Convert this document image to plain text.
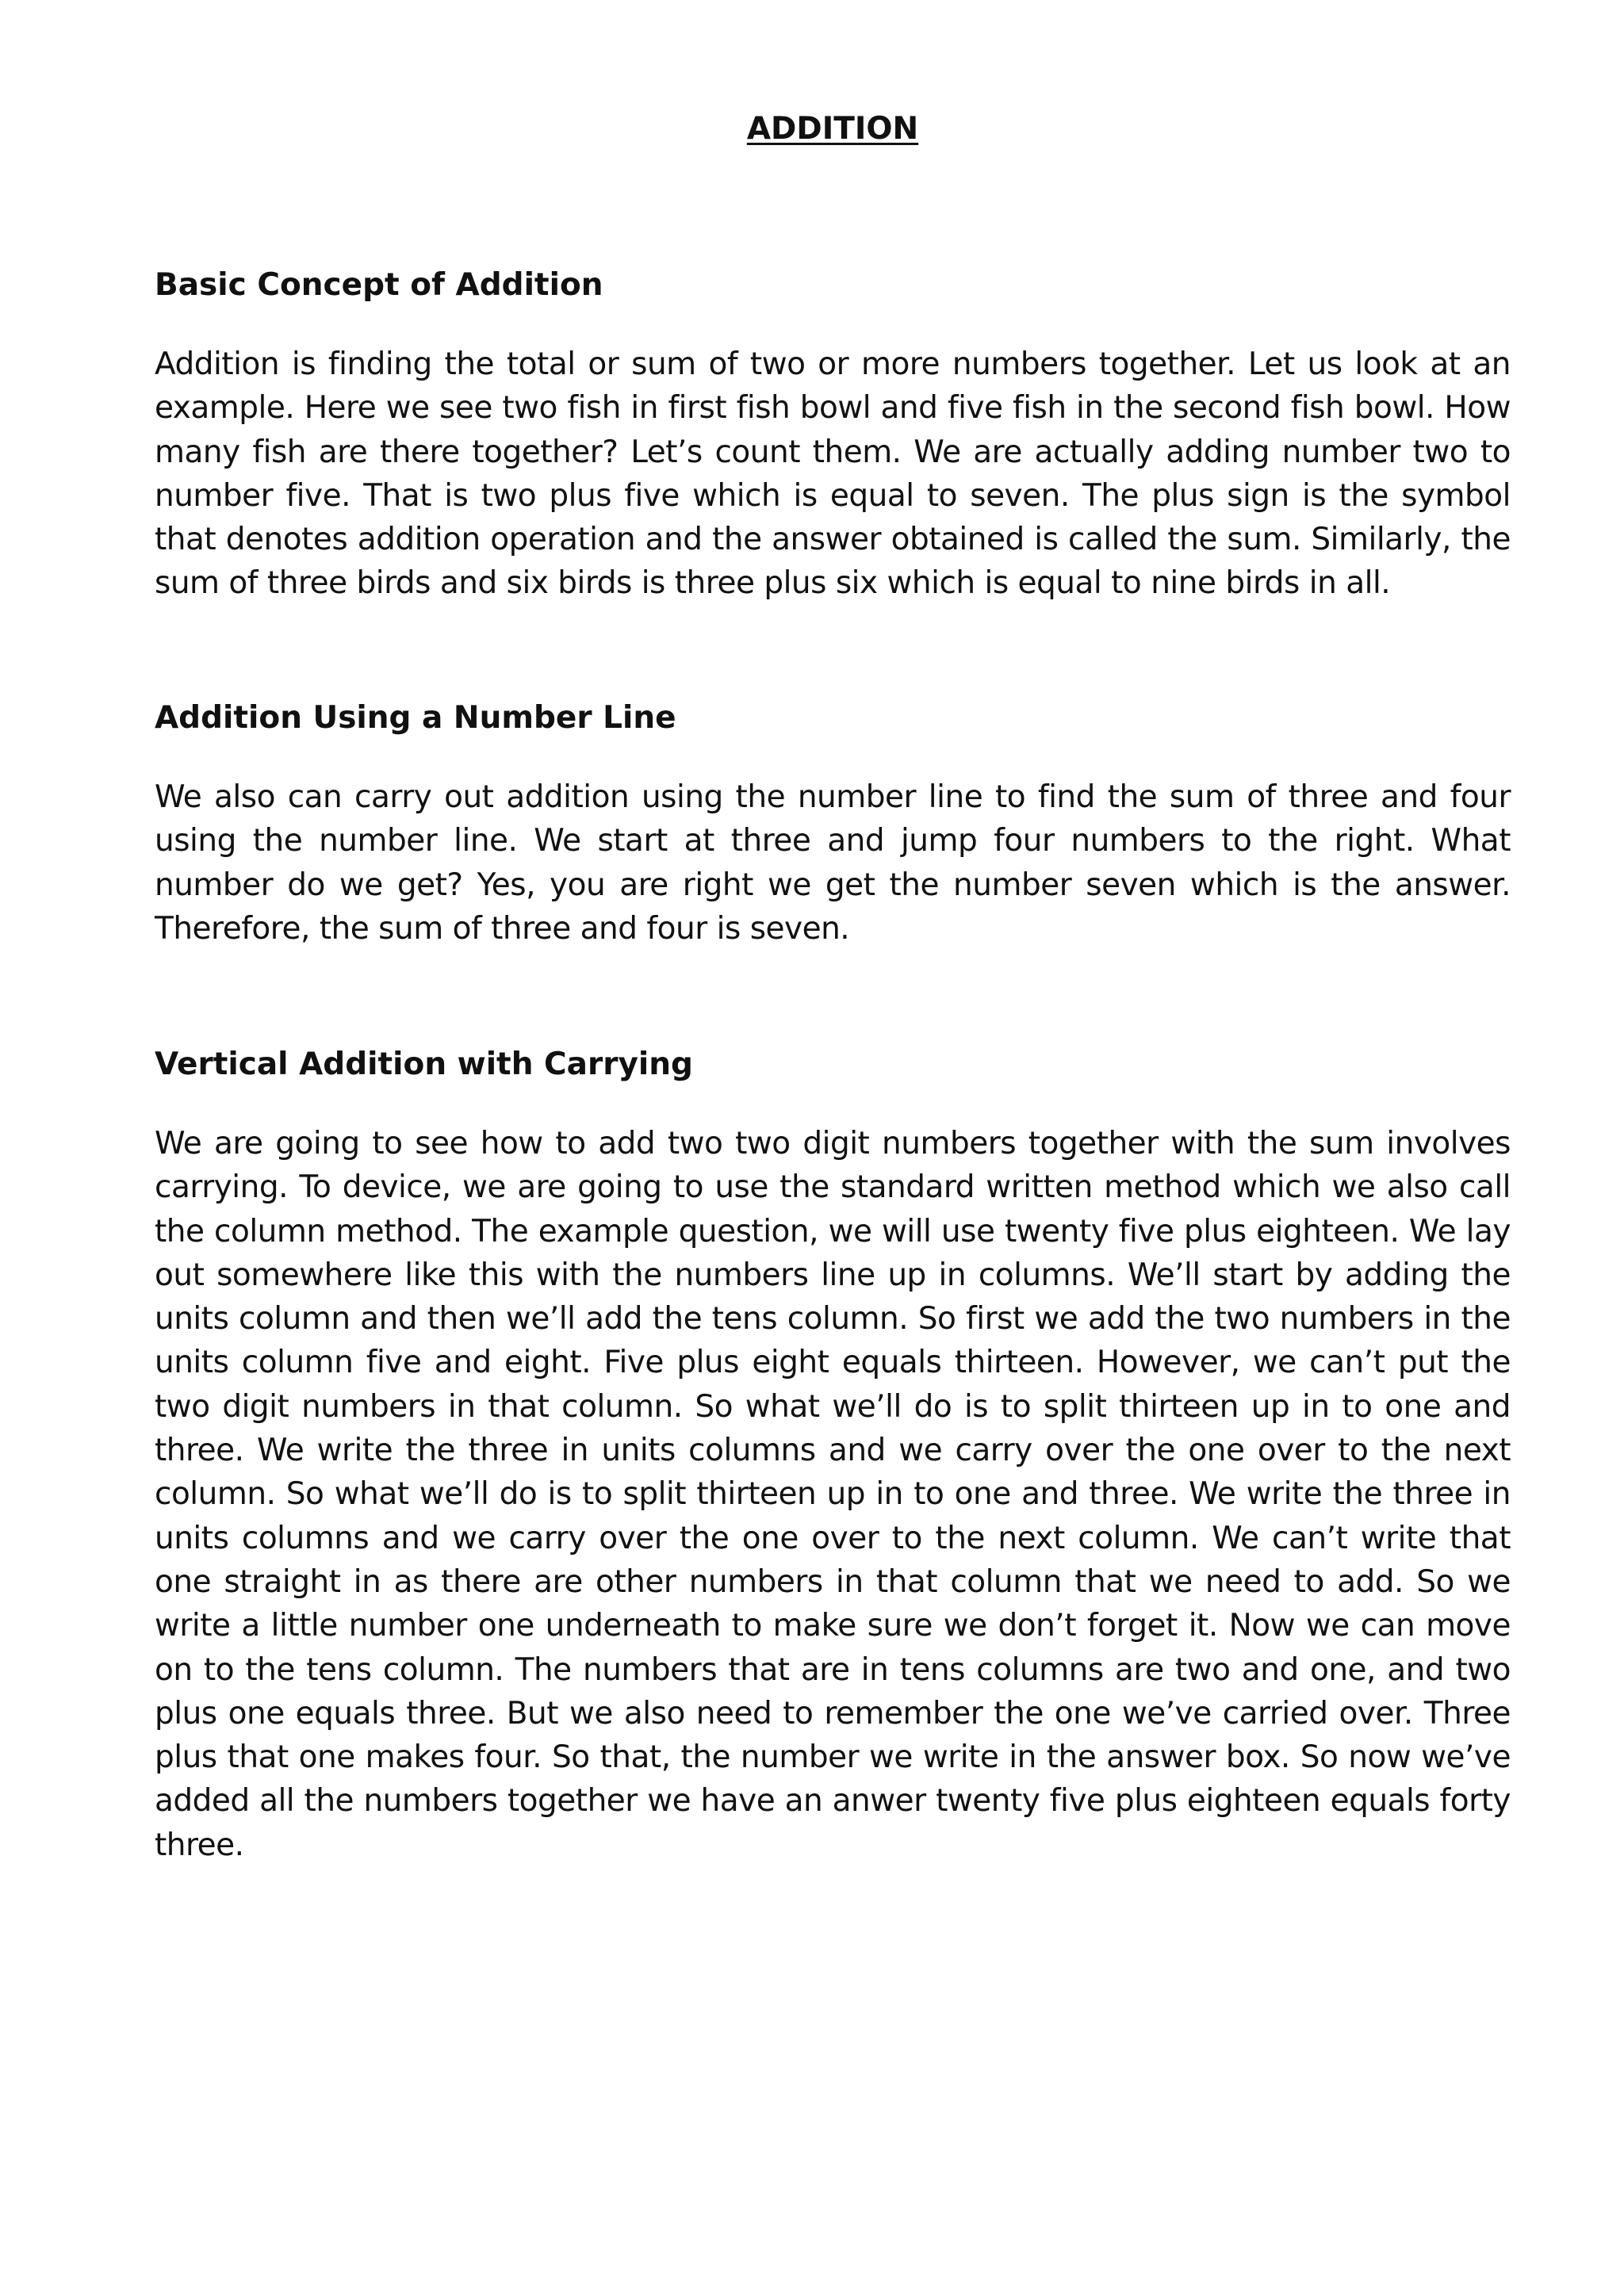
ADDITION
Basic Concept of Addition

Addition is finding the total or sum of two or more numbers together. Let us look at an example. Here we see two fish in first fish bowl and five fish in the second fish bowl. How many fish are there together? Let’s count them. We are actually adding number two to number five. That is two plus five which is equal to seven. The plus sign is the symbol that denotes addition operation and the answer obtained is called the sum. Similarly, the sum of three birds and six birds is three plus six which is equal to nine birds in all.

Addition Using a Number Line

We also can carry out addition using the number line to find the sum of three and four using the number line. We start at three and jump four numbers to the right. What number do we get? Yes, you are right we get the number seven which is the answer. Therefore, the sum of three and four is seven.

Vertical Addition with Carrying

We are going to see how to add two two digit numbers together with the sum involves carrying. To device, we are going to use the standard written method which we also call the column method. The example question, we will use twenty five plus eighteen. We lay out somewhere like this with the numbers line up in columns. We’ll start by adding the units column and then we’ll add the tens column. So first we add the two numbers in the units column five and eight. Five plus eight equals thirteen. However, we can’t put the two digit numbers in that column. So what we’ll do is to split thirteen up in to one and three. We write the three in units columns and we carry over the one over to the next column. So what we’ll do is to split thirteen up in to one and three. We write the three in units columns and we carry over the one over to the next column. We can’t write that one straight in as there are other numbers in that column that we need to add. So we write a little number one underneath to make sure we don’t forget it. Now we can move on to the tens column. The numbers that are in tens columns are two and one, and two plus one equals three. But we also need to remember the one we’ve carried over. Three plus that one makes four. So that, the number we write in the answer box. So now we’ve added all the numbers together we have an anwer twenty five plus eighteen equals forty three.
